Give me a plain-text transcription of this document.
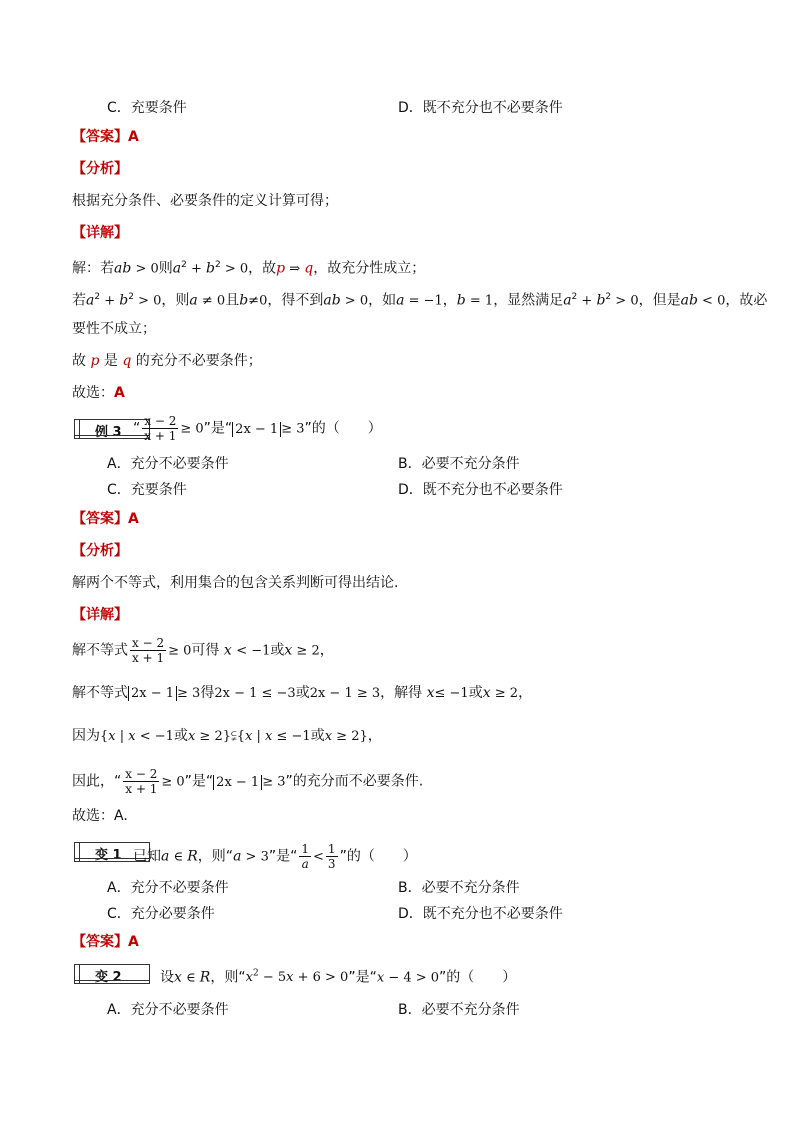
C．充要条件	D．既不充分也不必要条件
【答案】A
【分析】
根据充分条件、必要条件的定义计算可得；
【详解】
解：若ab > 0则$a^2 + b^2 > 0$，故p ⇒ q，故充分性成立；
若$a^2 + b^2 > 0$，则a ≠ 0且b≠0，得不到ab > 0，如a = −1，b = 1，显然满足$a^2 + b^2 > 0$，但是ab < 0，故必
要性不成立；
故 p 是 q 的充分不必要条件；
故选：A
例 3 “ $\frac{x - 2}{x + 1} \ge 0$”是“ 2x − 1 ≥ 3”的（　　）
A．充分不必要条件	B．必要不充分条件
C．充要条件	D．既不充分也不必要条件
【答案】A
【分析】
解两个不等式，利用集合的包含关系判断可得出结论.
【详解】
解不等式 $\frac{x - 2}{x + 1} \ge 0$可得 x < −1或x ≥ 2，
解不等式 2x − 1 ≥ 3得2x − 1 ≤ −3或2x − 1 ≥ 3，解得 x≤ −1或x ≥ 2，
因为{x | x < −1或x ≥ 2}⫋{x | x ≤ −1或x ≥ 2}，
因此，“ $\frac{x - 2}{x + 1} \ge 0$”是“ 2x − 1 ≥ 3”的充分而不必要条件.
故选：A.
变 1 已知a ∈ R，则“a > 3”是“ $\frac{1}{a} < \frac{1}{3}$ ”的（　　）
A．充分不必要条件	B．必要不充分条件
C．充分必要条件	D．既不充分也不必要条件
【答案】A
变 2	设x ∈ R，则“$x^2 - 5x + 6 > 0$”是“x − 4 > 0”的（　　）
A．充分不必要条件	B．必要不充分条件
